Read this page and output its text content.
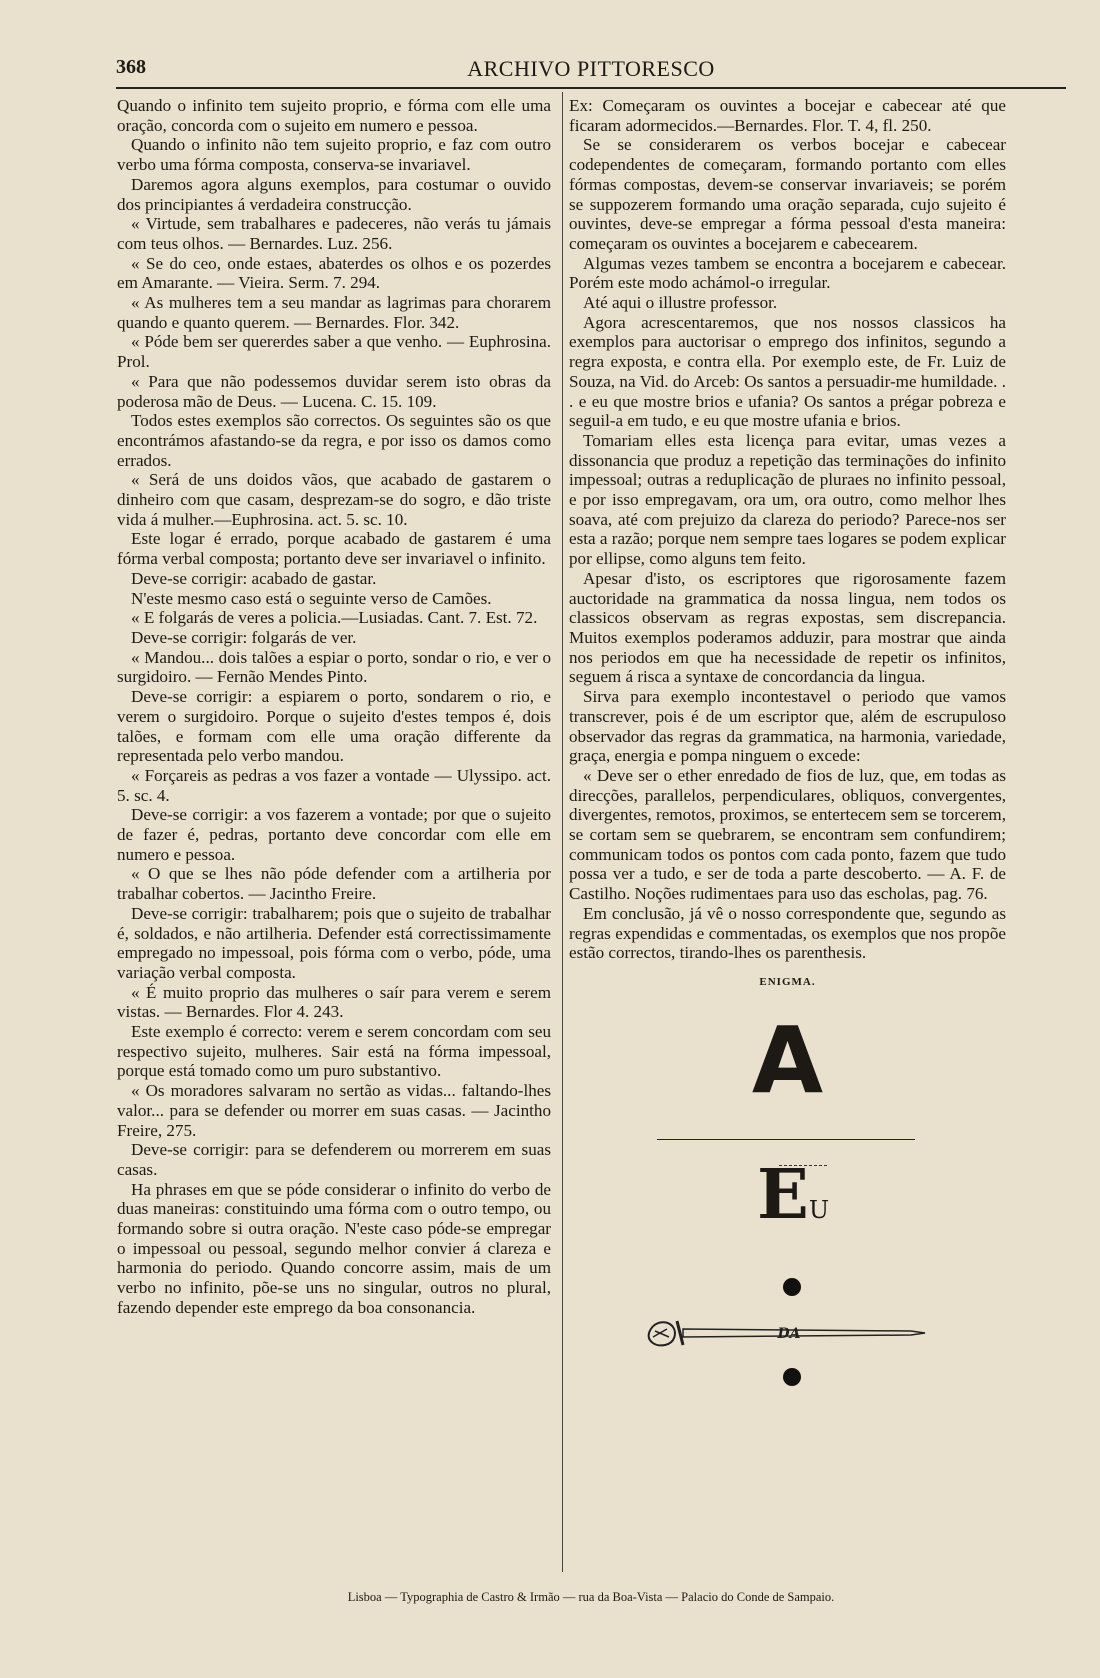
368	ARCHIVO PITTORESCO

Quando o infinito tem sujeito proprio, e fórma com elle uma oração, concorda com o sujeito em numero e pessoa.

Quando o infinito não tem sujeito proprio, e faz com outro verbo uma fórma composta, conserva-se invariavel.

Daremos agora alguns exemplos, para costumar o ouvido dos principiantes á verdadeira construcção.

« Virtude, sem trabalhares e padeceres, não verás tu jámais com teus olhos. — Bernardes. Luz. 256.

« Se do ceo, onde estaes, abaterdes os olhos e os pozerdes em Amarante. — Vieira. Serm. 7. 294.

« As mulheres tem a seu mandar as lagrimas para chorarem quando e quanto querem. — Bernardes. Flor. 342.

« Póde bem ser quererdes saber a que venho. — Euphrosina. Prol.

« Para que não podessemos duvidar serem isto obras da poderosa mão de Deus. — Lucena. C. 15. 109.

Todos estes exemplos são correctos. Os seguintes são os que encontrámos afastando-se da regra, e por isso os damos como errados.

« Será de uns doidos vãos, que acabado de gastarem o dinheiro com que casam, desprezam-se do sogro, e dão triste vida á mulher.—Euphrosina. act. 5. sc. 10.

Este logar é errado, porque acabado de gastarem é uma fórma verbal composta; portanto deve ser invariavel o infinito.

Deve-se corrigir: acabado de gastar.

N'este mesmo caso está o seguinte verso de Camões.

« E folgarás de veres a policia.—Lusiadas. Cant. 7. Est. 72.

Deve-se corrigir: folgarás de ver.

« Mandou... dois talões a espiar o porto, sondar o rio, e ver o surgidoiro. — Fernão Mendes Pinto.

Deve-se corrigir: a espiarem o porto, sondarem o rio, e verem o surgidoiro. Porque o sujeito d'estes tempos é, dois talões, e formam com elle uma oração differente da representada pelo verbo mandou.

« Forçareis as pedras a vos fazer a vontade — Ulyssipo. act. 5. sc. 4.

Deve-se corrigir: a vos fazerem a vontade; por que o sujeito de fazer é, pedras, portanto deve concordar com elle em numero e pessoa.

« O que se lhes não póde defender com a artilheria por trabalhar cobertos. — Jacintho Freire.

Deve-se corrigir: trabalharem; pois que o sujeito de trabalhar é, soldados, e não artilheria. Defender está correctissimamente empregado no impessoal, pois fórma com o verbo, póde, uma variação verbal composta.

« É muito proprio das mulheres o saír para verem e serem vistas. — Bernardes. Flor 4. 243.

Este exemplo é correcto: verem e serem concordam com seu respectivo sujeito, mulheres. Sair está na fórma impessoal, porque está tomado como um puro substantivo.

« Os moradores salvaram no sertão as vidas... faltando-lhes valor... para se defender ou morrer em suas casas. — Jacintho Freire, 275.

Deve-se corrigir: para se defenderem ou morrerem em suas casas.

Ha phrases em que se póde considerar o infinito do verbo de duas maneiras: constituindo uma fórma com o outro tempo, ou formando sobre si outra oração. N'este caso póde-se empregar o impessoal ou pessoal, segundo melhor convier á clareza e harmonia do periodo. Quando concorre assim, mais de um verbo no infinito, põe-se uns no singular, outros no plural, fazendo depender este emprego da boa consonancia.

Ex: Começaram os ouvintes a bocejar e cabecear até que ficaram adormecidos.—Bernardes. Flor. T. 4, fl. 250.

Se se considerarem os verbos bocejar e cabecear codependentes de começaram, formando portanto com elles fórmas compostas, devem-se conservar invariaveis; se porém se suppozerem formando uma oração separada, cujo sujeito é ouvintes, deve-se empregar a fórma pessoal d'esta maneira: começaram os ouvintes a bocejarem e cabecearem.

Algumas vezes tambem se encontra a bocejarem e cabecear. Porém este modo achámol-o irregular.

Até aqui o illustre professor.

Agora acrescentaremos, que nos nossos classicos ha exemplos para auctorisar o emprego dos infinitos, segundo a regra exposta, e contra ella. Por exemplo este, de Fr. Luiz de Souza, na Vid. do Arceb: Os santos a persuadir-me humildade. . . e eu que mostre brios e ufania? Os santos a prégar pobreza e seguil-a em tudo, e eu que mostre ufania e brios.

Tomariam elles esta licença para evitar, umas vezes a dissonancia que produz a repetição das terminações do infinito impessoal; outras a reduplicação de pluraes no infinito pessoal, e por isso empregavam, ora um, ora outro, como melhor lhes soava, até com prejuizo da clareza do periodo? Parece-nos ser esta a razão; porque nem sempre taes logares se podem explicar por ellipse, como alguns tem feito.

Apesar d'isto, os escriptores que rigorosamente fazem auctoridade na grammatica da nossa lingua, nem todos os classicos observam as regras expostas, sem discrepancia. Muitos exemplos poderamos adduzir, para mostrar que ainda nos periodos em que ha necessidade de repetir os infinitos, seguem á risca a syntaxe de concordancia da lingua.

Sirva para exemplo incontestavel o periodo que vamos transcrever, pois é de um escriptor que, além de escrupuloso observador das regras da grammatica, na harmonia, variedade, graça, energia e pompa ninguem o excede:

« Deve ser o ether enredado de fios de luz, que, em todas as direcções, parallelos, perpendiculares, obliquos, convergentes, divergentes, remotos, proximos, se entertecem sem se torcerem, se cortam sem se quebrarem, se encontram sem confundirem; communicam todos os pontos com cada ponto, fazem que tudo possa ver a tudo, e ser de toda a parte descoberto. — A. F. de Castilho. Noções rudimentaes para uso das escholas, pag. 76.

Em conclusão, já vê o nosso correspondente que, segundo as regras expendidas e commentadas, os exemplos que nos propõe estão correctos, tirando-lhes os parenthesis.

ENIGMA.
A
EU
DA
Lisboa — Typographia de Castro & Irmão — rua da Boa-Vista — Palacio do Conde de Sampaio.
